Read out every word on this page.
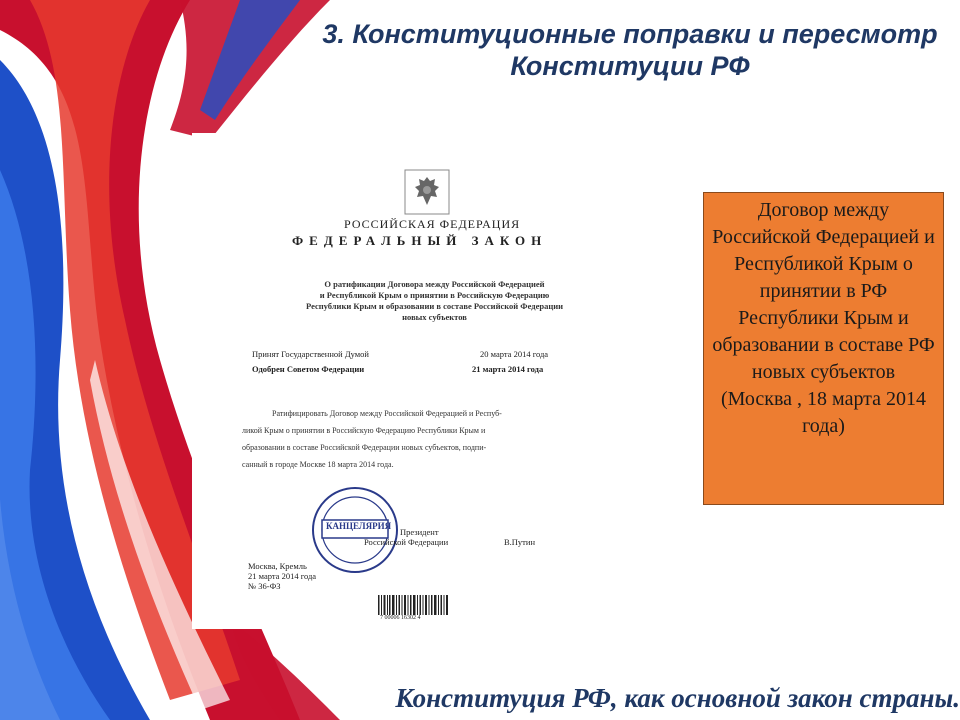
3. Конституционные поправки и пересмотр
Конституции РФ
РОССИЙСКАЯ ФЕДЕРАЦИЯ
ФЕДЕРАЛЬНЫЙ ЗАКОН
О ратификации Договора между Российской Федерацией
и Республикой Крым о принятии в Российскую Федерацию
Республики Крым и образовании в составе Российской Федерации
новых субъектов
Принят Государственной Думой	20 марта 2014 года
Одобрен Советом Федерации	21 марта 2014 года
Ратифицировать Договор между Российской Федерацией и Респуб-
ликой Крым о принятии в Российскую Федерацию Республики Крым и
образовании в составе Российской Федерации новых субъектов, подпи-
санный в городе Москве 18 марта 2014 года.
КАНЦЕЛЯРИЯ
Президент
Российской Федерации	В.Путин
Москва, Кремль
21 марта 2014 года
№ 36-ФЗ
7 00006 16302 4
Договор между Российской Федерацией и Республикой Крым о принятии в РФ Республики Крым и образовании в составе РФ новых субъектов
(Москва , 18 марта 2014 года)
Конституция РФ, как основной закон страны.
